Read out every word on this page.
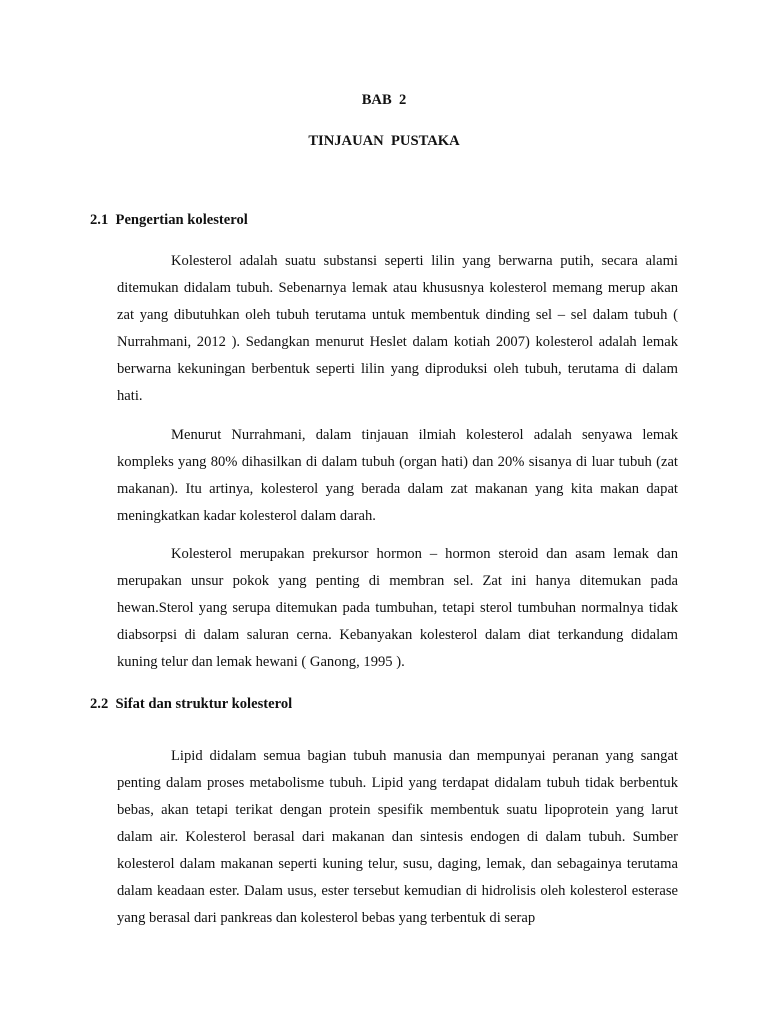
BAB  2
TINJAUAN  PUSTAKA
2.1  Pengertian kolesterol

Kolesterol adalah suatu substansi seperti lilin yang berwarna putih, secara alami ditemukan didalam tubuh. Sebenarnya lemak atau khususnya kolesterol memang merup akan zat yang dibutuhkan oleh tubuh terutama untuk membentuk dinding sel – sel dalam tubuh ( Nurrahmani, 2012 ). Sedangkan menurut Heslet dalam kotiah 2007) kolesterol adalah lemak berwarna kekuningan berbentuk seperti lilin yang diproduksi oleh tubuh, terutama di dalam hati.

Menurut Nurrahmani, dalam tinjauan ilmiah kolesterol adalah senyawa lemak kompleks yang 80% dihasilkan di dalam tubuh (organ hati) dan 20% sisanya di luar tubuh (zat makanan). Itu artinya, kolesterol yang berada dalam zat makanan yang kita makan dapat meningkatkan kadar kolesterol dalam darah.

Kolesterol merupakan prekursor hormon – hormon steroid dan asam lemak dan merupakan unsur pokok yang penting di membran sel. Zat ini hanya ditemukan pada hewan.Sterol yang serupa ditemukan pada tumbuhan, tetapi sterol tumbuhan normalnya tidak diabsorpsi di dalam saluran cerna. Kebanyakan kolesterol dalam diat terkandung didalam kuning telur dan lemak hewani ( Ganong, 1995 ).

2.2  Sifat dan struktur kolesterol

Lipid didalam semua bagian tubuh manusia dan mempunyai peranan yang sangat penting dalam proses metabolisme tubuh. Lipid yang terdapat didalam tubuh tidak berbentuk bebas, akan tetapi terikat dengan protein spesifik membentuk suatu lipoprotein yang larut dalam air. Kolesterol berasal dari makanan dan sintesis endogen di dalam tubuh. Sumber kolesterol dalam makanan seperti kuning telur, susu, daging, lemak, dan sebagainya terutama dalam keadaan ester. Dalam usus, ester tersebut kemudian di hidrolisis oleh kolesterol esterase yang berasal dari pankreas dan kolesterol bebas yang terbentuk di serap
